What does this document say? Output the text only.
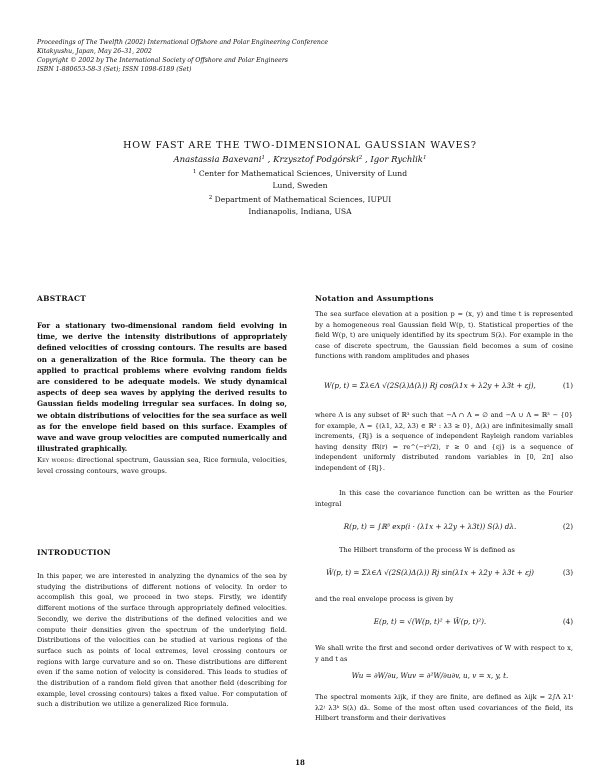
Proceedings of The Twelfth (2002) International Offshore and Polar Engineering Conference
Kitakyushu, Japan, May 26–31, 2002
Copyright © 2002 by The International Society of Offshore and Polar Engineers
ISBN 1-880653-58-3 (Set); ISSN 1098-6189 (Set)
HOW FAST ARE THE TWO-DIMENSIONAL GAUSSIAN WAVES?
Anastassia Baxevani$^1$ , Krzysztof Podgórski$^2$ , Igor Rychlik$^1$
$^1$ Center for Mathematical Sciences, University of Lund
Lund, Sweden
$^2$ Department of Mathematical Sciences, IUPUI
Indianapolis, Indiana, USA
ABSTRACT
For a stationary two-dimensional random field evolving in time, we derive the intensity distributions of appropriately defined velocities of crossing contours. The results are based on a generalization of the Rice formula. The theory can be applied to practical problems where evolving random fields are considered to be adequate models. We study dynamical aspects of deep sea waves by applying the derived results to Gaussian fields modeling irregular sea surfaces. In doing so, we obtain distributions of velocities for the sea surface as well as for the envelope field based on this surface. Examples of wave and wave group velocities are computed numerically and illustrated graphically.
Key words: directional spectrum, Gaussian sea, Rice formula, velocities, level crossing contours, wave groups.
INTRODUCTION
In this paper, we are interested in analyzing the dynamics of the sea by studying the distributions of different notions of velocity. In order to accomplish this goal, we proceed in two steps. Firstly, we identify different motions of the surface through appropriately defined velocities. Secondly, we derive the distributions of the defined velocities and we compute their densities given the spectrum of the underlying field. Distributions of the velocities can be studied at various regions of the surface such as points of local extremes, level crossing contours or regions with large curvature and so on. These distributions are different even if the same notion of velocity is considered. This leads to studies of the distribution of a random field given that another field (describing for example, level crossing contours) takes a fixed value. For computation of such a distribution we utilize a generalized Rice formula.
Notation and Assumptions
The sea surface elevation at a position p = (x, y) and time t is represented by a homogeneous real Gaussian field W(p, t). Statistical properties of the field W(p, t) are uniquely identified by its spectrum S(λ). For example in the case of discrete spectrum, the Gaussian field becomes a sum of cosine functions with random amplitudes and phases
W(p, t) = Σλ∈Λ √(2S(λ)Δ(λ)) Rj cos(λ1x + λ2y + λ3t + εj),	(1)
where Λ is any subset of ℝ³ such that −Λ ∩ Λ = ∅ and −Λ ∪ Λ = ℝ³ − {0} for example, Λ = {(λ1, λ2, λ3) ∈ ℝ³ : λ3 ≥ 0}, Δ(λ) are infinitesimally small increments, {Rj} is a sequence of independent Rayleigh random variables having density fR(r) = re^(−r²/2), r ≥ 0 and {εj} is a sequence of independent uniformly distributed random variables in [0, 2π] also independent of {Rj}.
In this case the covariance function can be written as the Fourier integral
R(p, t) = ∫ℝ³ exp(i · (λ1x + λ2y + λ3t)) S(λ) dλ.	(2)
The Hilbert transform of the process W is defined as
Ŵ(p, t) = Σλ∈Λ √(2S(λ)Δ(λ)) Rj sin(λ1x + λ2y + λ3t + εj)	(3)
and the real envelope process is given by
E(p, t) = √(W(p, t)² + Ŵ(p, t)²).	(4)
We shall write the first and second order derivatives of W with respect to x, y and t as
Wu = ∂W/∂u, Wuv = ∂²W/∂u∂v, u, v = x, y, t.
The spectral moments λijk, if they are finite, are defined as λijk = 2∫Λ λ1ⁱ λ2ʲ λ3ᵏ S(λ) dλ. Some of the most often used covariances of the field, its Hilbert transform and their derivatives
18
